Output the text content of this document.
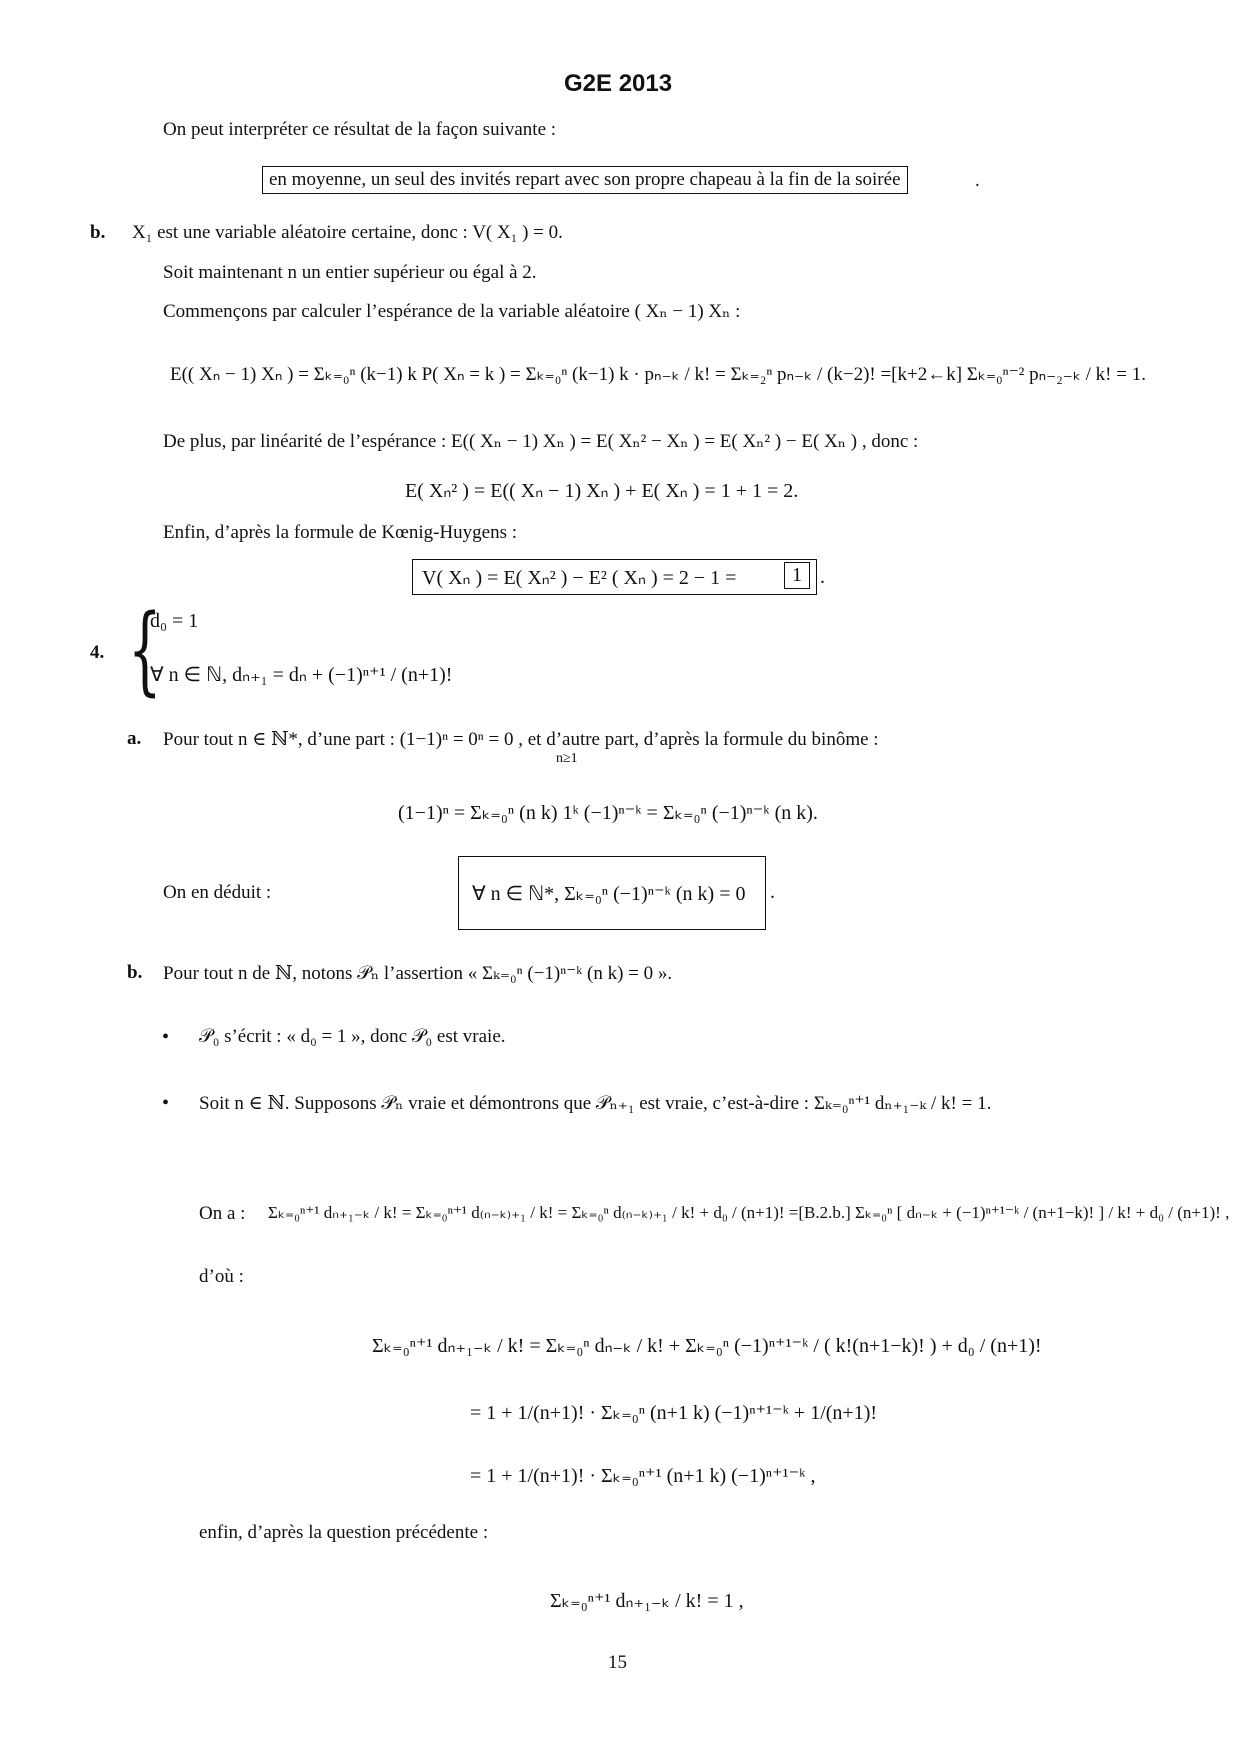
G2E 2013
On peut interpréter ce résultat de la façon suivante :
en moyenne, un seul des invités repart avec son propre chapeau à la fin de la soirée	.
b. X₁ est une variable aléatoire certaine, donc : V( X₁ ) = 0.
Soit maintenant n un entier supérieur ou égal à 2.
Commençons par calculer l’espérance de la variable aléatoire ( Xₙ − 1) Xₙ :
E(( Xₙ − 1) Xₙ ) = Σₖ₌₀ⁿ (k−1) k P( Xₙ = k ) = Σₖ₌₀ⁿ (k−1) k · pₙ₋ₖ / k! = Σₖ₌₂ⁿ pₙ₋ₖ / (k−2)! =[k+2←k] Σₖ₌₀ⁿ⁻² pₙ₋₂₋ₖ / k! = 1.
De plus, par linéarité de l’espérance : E(( Xₙ − 1) Xₙ ) = E( Xₙ² − Xₙ ) = E( Xₙ² ) − E( Xₙ ) , donc :
E( Xₙ² ) = E(( Xₙ − 1) Xₙ ) + E( Xₙ ) = 1 + 1 = 2.
Enfin, d’après la formule de Kœnig-Huygens :
V( Xₙ ) = E( Xₙ² ) − E² ( Xₙ ) = 2 − 1 =	1 .
{
4.
d₀ = 1
∀ n ∈ ℕ, dₙ₊₁ = dₙ + (−1)ⁿ⁺¹ / (n+1)!
a. Pour tout n ∈ ℕ*, d’une part : (1−1)ⁿ = 0ⁿ = 0 , et d’autre part, d’après la formule du binôme :
n≥1
(1−1)ⁿ = Σₖ₌₀ⁿ (n k) 1ᵏ (−1)ⁿ⁻ᵏ = Σₖ₌₀ⁿ (−1)ⁿ⁻ᵏ (n k).
On en déduit :	∀ n ∈ ℕ*, Σₖ₌₀ⁿ (−1)ⁿ⁻ᵏ (n k) = 0 .
b. Pour tout n de ℕ, notons 𝒫ₙ l’assertion « Σₖ₌₀ⁿ (−1)ⁿ⁻ᵏ (n k) = 0 ».
• 𝒫₀ s’écrit : « d₀ = 1 », donc 𝒫₀ est vraie.
• Soit n ∈ ℕ. Supposons 𝒫ₙ vraie et démontrons que 𝒫ₙ₊₁ est vraie, c’est-à-dire : Σₖ₌₀ⁿ⁺¹ dₙ₊₁₋ₖ / k! = 1.
On a : Σₖ₌₀ⁿ⁺¹ dₙ₊₁₋ₖ / k! = Σₖ₌₀ⁿ⁺¹ d₍ₙ₋ₖ₎₊₁ / k! = Σₖ₌₀ⁿ d₍ₙ₋ₖ₎₊₁ / k! + d₀ / (n+1)! =[B.2.b.] Σₖ₌₀ⁿ [ dₙ₋ₖ + (−1)ⁿ⁺¹⁻ᵏ / (n+1−k)! ] / k! + d₀ / (n+1)! ,
d’où :
Σₖ₌₀ⁿ⁺¹ dₙ₊₁₋ₖ / k! = Σₖ₌₀ⁿ dₙ₋ₖ / k! + Σₖ₌₀ⁿ (−1)ⁿ⁺¹⁻ᵏ / ( k!(n+1−k)! ) + d₀ / (n+1)!
= 1 + 1/(n+1)! · Σₖ₌₀ⁿ (n+1 k) (−1)ⁿ⁺¹⁻ᵏ + 1/(n+1)!
= 1 + 1/(n+1)! · Σₖ₌₀ⁿ⁺¹ (n+1 k) (−1)ⁿ⁺¹⁻ᵏ ,
enfin, d’après la question précédente :
Σₖ₌₀ⁿ⁺¹ dₙ₊₁₋ₖ / k! = 1 ,
15
